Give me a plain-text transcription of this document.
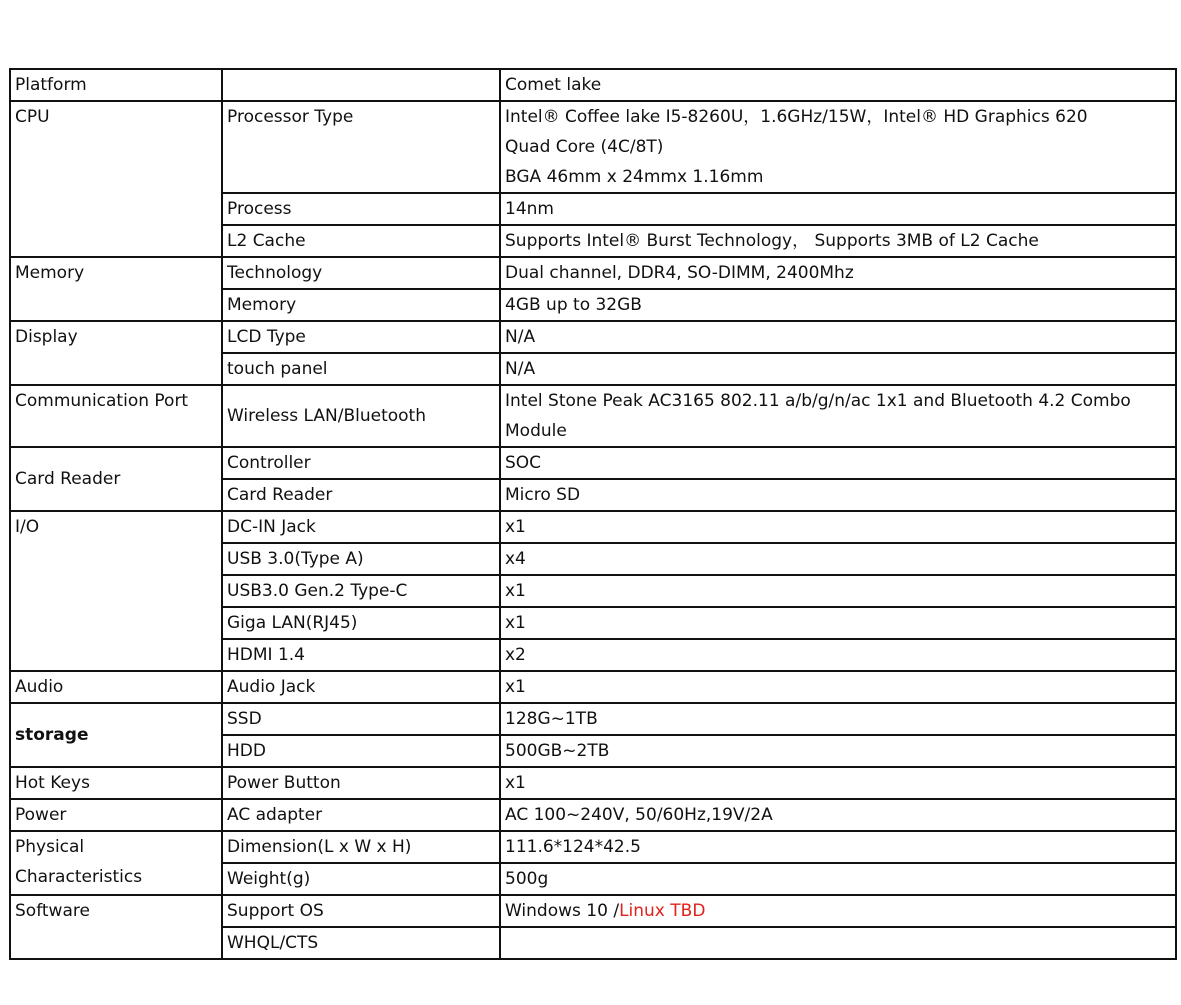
Platform		Comet lake
CPU	Processor Type	Intel® Coffee lake I5-8260U，1.6GHz/15W，Intel® HD Graphics 620
Quad Core (4C/8T)
BGA 46mm x 24mmx 1.16mm

	Process	14nm
	L2 Cache	Supports Intel® Burst Technology， Supports 3MB of L2 Cache
Memory	Technology	Dual channel, DDR4, SO-DIMM, 2400Mhz
	Memory	4GB up to 32GB
Display	LCD Type	N/A
	touch panel	N/A
Communication Port	Wireless LAN/Bluetooth	Intel Stone Peak AC3165 802.11 a/b/g/n/ac 1x1 and Bluetooth 4.2 Combo
Module

Card Reader	Controller	SOC
	Card Reader	Micro SD
I/O	DC-IN Jack	x1
	USB 3.0(Type A)	x4
	USB3.0 Gen.2 Type-C	x1
	Giga LAN(RJ45)	x1
	HDMI 1.4	x2
Audio	Audio Jack	x1
storage	SSD	128G~1TB
	HDD	500GB~2TB
Hot Keys	Power Button	x1
Power	AC adapter	AC 100~240V, 50/60Hz,19V/2A

Physical
Characteristics	Dimension(L x W x H)	111.6*124*42.5
	Weight(g)	500g
Software	Support OS	Windows 10 /Linux TBD
	WHQL/CTS	
